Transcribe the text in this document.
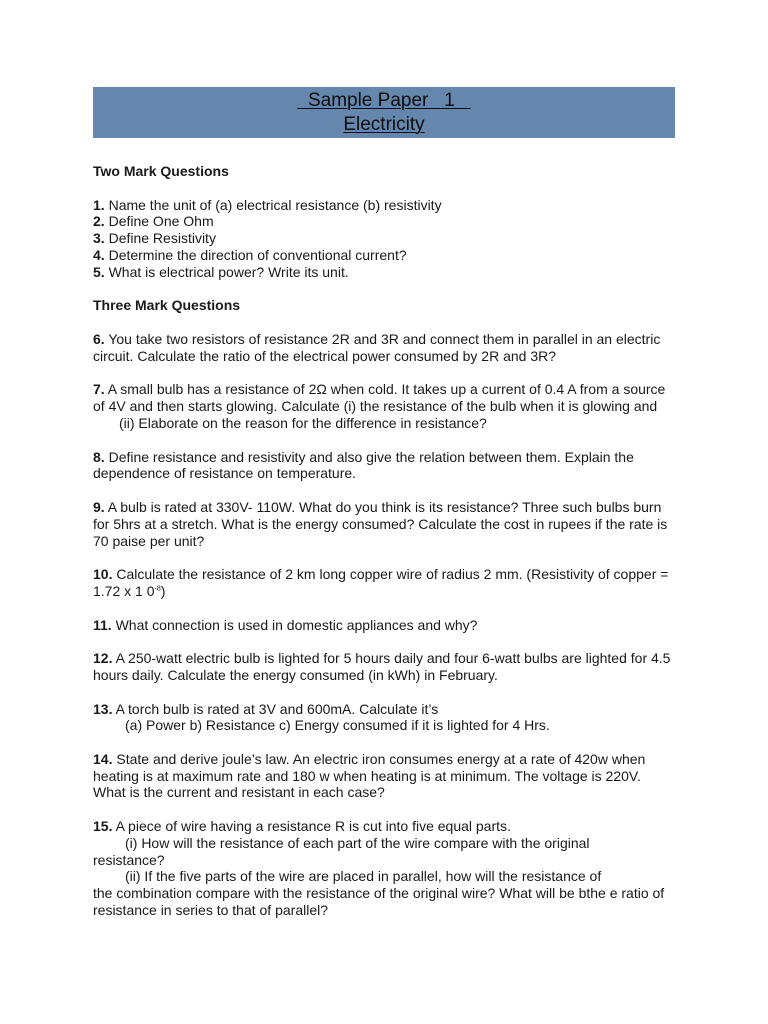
Sample Paper   1
Electricity
Two Mark Questions
1. Name the unit of (a) electrical resistance (b) resistivity
2. Define One Ohm
3. Define Resistivity
4. Determine the direction of conventional current?
5. What is electrical power? Write its unit.
Three Mark Questions
6. You take two resistors of resistance 2R and 3R and connect them in parallel in an electric circuit. Calculate the ratio of the electrical power consumed by 2R and 3R?
7. A small bulb has a resistance of 2Ω when cold. It takes up a current of 0.4 A from a source of 4V and then starts glowing. Calculate (i) the resistance of the bulb when it is glowing and
(ii) Elaborate on the reason for the difference in resistance?
8. Define resistance and resistivity and also give the relation between them. Explain the dependence of resistance on temperature.
9. A bulb is rated at 330V- 110W. What do you think is its resistance? Three such bulbs burn for 5hrs at a stretch. What is the energy consumed? Calculate the cost in rupees if the rate is 70 paise per unit?
10. Calculate the resistance of 2 km long copper wire of radius 2 mm. (Resistivity of copper = 1.72 x 1 $0^{-8}$)
11. What connection is used in domestic appliances and why?
12. A 250-watt electric bulb is lighted for 5 hours daily and four 6-watt bulbs are lighted for 4.5 hours daily. Calculate the energy consumed (in kWh) in February.
13. A torch bulb is rated at 3V and 600mA. Calculate it’s
(a) Power b) Resistance c) Energy consumed if it is lighted for 4 Hrs.
14. State and derive joule’s law. An electric iron consumes energy at a rate of 420w when heating is at maximum rate and 180 w when heating is at minimum. The voltage is 220V. What is the current and resistant in each case?
15. A piece of wire having a resistance R is cut into five equal parts.
(i) How will the resistance of each part of the wire compare with the original
resistance?
(ii) If the five parts of the wire are placed in parallel, how will the resistance of
the combination compare with the resistance of the original wire? What will be bthe e ratio of resistance in series to that of parallel?
